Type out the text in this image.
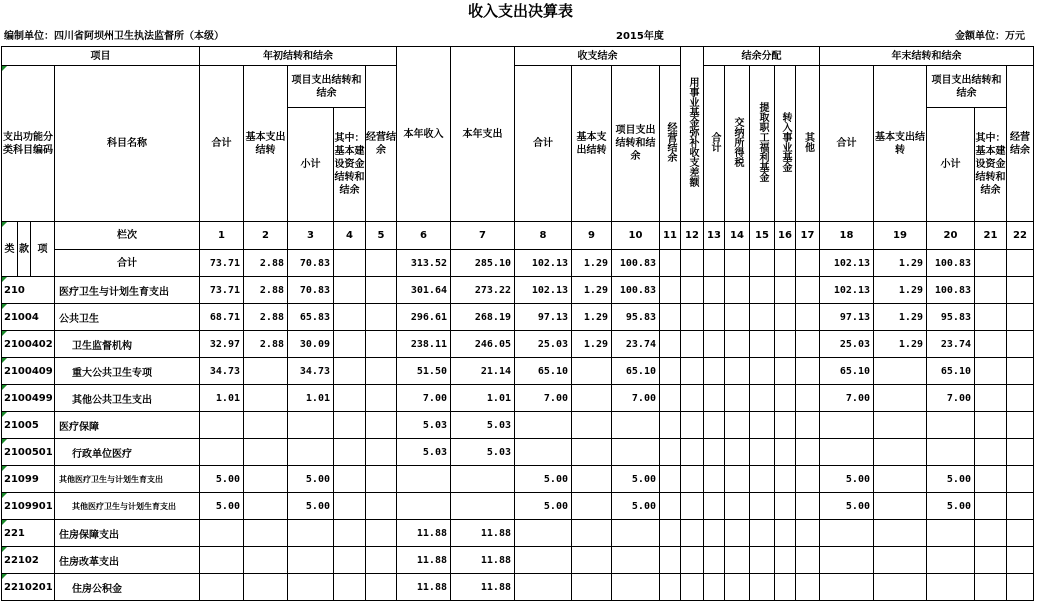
收入支出决算表
编制单位：四川省阿坝州卫生执法监督所（本级）	2015年度	金额单位：万元
项目				年初结转和结余					本年收入	本年支出	收支结余				用事业基金弥补收支差额	结余分配					年末结转和结余				
支出功能分类科目编码			科目名称	合计	基本支出结转	项目支出结转和结余		经营结余			合计	基本支出结转	项目支出结转和结余	经营结余		合计	交纳所得税	提取职工福利基金	转入事业基金	其他	合计	基本支出结转	项目支出结转和结余		经营结余
						小计	其中：基本建设资金结转和结余																小计	其中：基本建设资金结转和结余	
类	款	项	栏次	1	2	3	4	5	6	7	8	9	10	11	12	13	14	15	16	17	18	19	20	21	22
			合计	73.71	2.88	70.83			313.52	285.10	102.13	1.29	100.83								102.13	1.29	100.83		
210			医疗卫生与计划生育支出	73.71	2.88	70.83			301.64	273.22	102.13	1.29	100.83								102.13	1.29	100.83		
21004			公共卫生	68.71	2.88	65.83			296.61	268.19	97.13	1.29	95.83								97.13	1.29	95.83		
2100402			卫生监督机构	32.97	2.88	30.09			238.11	246.05	25.03	1.29	23.74								25.03	1.29	23.74		
2100409			重大公共卫生专项	34.73		34.73			51.50	21.14	65.10		65.10								65.10		65.10		
2100499			其他公共卫生支出	1.01		1.01			7.00	1.01	7.00		7.00								7.00		7.00		
21005			医疗保障						5.03	5.03															
2100501			行政单位医疗						5.03	5.03															
21099			其他医疗卫生与计划生育支出	5.00		5.00					5.00		5.00								5.00		5.00		
2109901			其他医疗卫生与计划生育支出	5.00		5.00					5.00		5.00								5.00		5.00		
221			住房保障支出						11.88	11.88															
22102			住房改革支出						11.88	11.88															
2210201			住房公积金						11.88	11.88															
